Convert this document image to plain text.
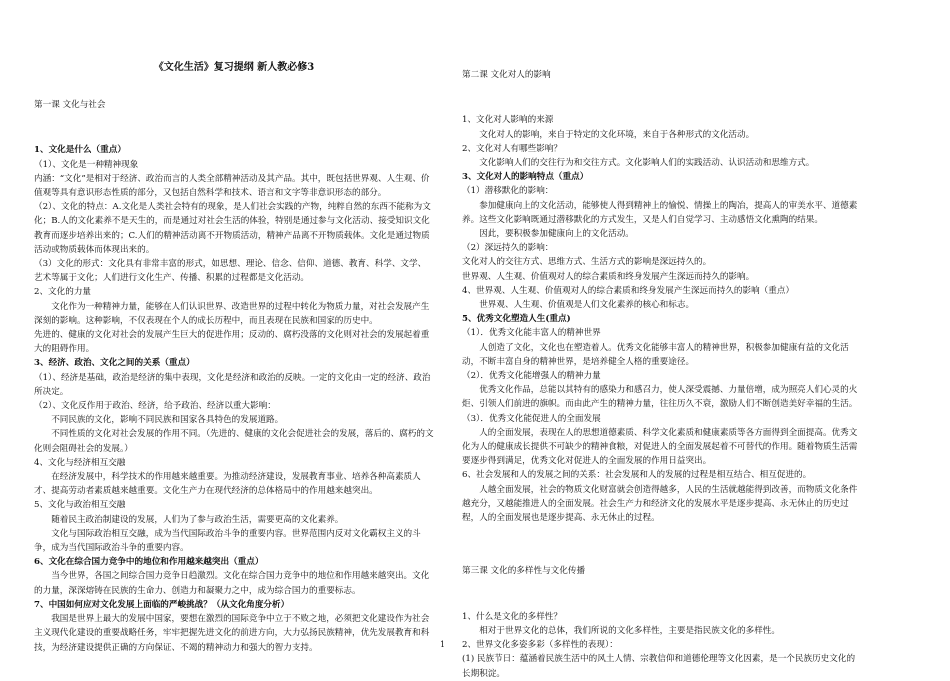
《文化生活》复习提纲 新人教必修3

第一课 文化与社会

1、文化是什么（重点）

（1）、文化是一种精神现象

内涵：“文化”是相对于经济、政治而言的人类全部精神活动及其产品。其中，既包括世界观、人生观、价值观等具有意识形态性质的部分，又包括自然科学和技术、语言和文字等非意识形态的部分。

（2）、文化的特点：A.文化是人类社会特有的现象，是人们社会实践的产物，纯粹自然的东西不能称为文化；B.人的文化素养不是天生的，而是通过对社会生活的体验，特别是通过参与文化活动、接受知识文化教育而逐步培养出来的；C.人们的精神活动离不开物质活动，精神产品离不开物质载体。文化是通过物质活动或物质载体而体现出来的。

（3）文化的形式：文化具有非常丰富的形式，如思想、理论、信念、信仰、道德、教育、科学、文学、艺术等属于文化；人们进行文化生产、传播、积累的过程都是文化活动。

2、文化的力量

文化作为一种精神力量，能够在人们认识世界、改造世界的过程中转化为物质力量，对社会发展产生深刻的影响。这种影响，不仅表现在个人的成长历程中，而且表现在民族和国家的历史中。

先进的、健康的文化对社会的发展产生巨大的促进作用；反动的、腐朽没落的文化则对社会的发展起着重大的阻碍作用。

3、经济、政治、文化之间的关系（重点）

（1）、经济是基础，政治是经济的集中表现，文化是经济和政治的反映。一定的文化由一定的经济、政治所决定。

（2）、文化反作用于政治、经济，给予政治、经济以重大影响：

不同民族的文化，影响不同民族和国家各具特色的发展道路。

不同性质的文化对社会发展的作用不同。（先进的、健康的文化会促进社会的发展，落后的、腐朽的文化则会阻碍社会的发展。）

4、文化与经济相互交融

在经济发展中，科学技术的作用越来越重要。为推动经济建设，发展教育事业、培养各种高素质人才、提高劳动者素质越来越重要。文化生产力在现代经济的总体格局中的作用越来越突出。

5、文化与政治相互交融

随着民主政治制建设的发展，人们为了参与政治生活，需要更高的文化素养。

文化与国际政治相互交融，成为当代国际政治斗争的重要内容。世界范围内反对文化霸权主义的斗争，成为当代国际政治斗争的重要内容。

6、文化在综合国力竞争中的地位和作用越来越突出（重点）

当今世界，各国之间综合国力竞争日趋激烈。文化在综合国力竞争中的地位和作用越来越突出。文化的力量，深深熔铸在民族的生命力、创造力和凝聚力之中，成为综合国力的重要标志。

7、中国如何应对文化发展上面临的严峻挑战？（从文化角度分析）

我国是世界上最大的发展中国家，要想在激烈的国际竞争中立于不败之地，必须把文化建设作为社会主义现代化建设的重要战略任务，牢牢把握先进文化的前进方向，大力弘扬民族精神，优先发展教育和科技，为经济建设提供正确的方向保证、不竭的精神动力和强大的智力支持。

第二课 文化对人的影响

1、文化对人影响的来源

文化对人的影响，来自于特定的文化环境，来自于各种形式的文化活动。

2、文化对人有哪些影响？

文化影响人们的交往行为和交往方式。文化影响人们的实践活动、认识活动和思维方式。

3、文化对人的影响特点（重点）

（1）潜移默化的影响：

参加健康向上的文化活动，能够使人得到精神上的愉悦、情操上的陶冶，提高人的审美水平、道德素养。这些文化影响既通过潜移默化的方式发生，又是人们自觉学习、主动感悟文化熏陶的结果。

因此，要积极参加健康向上的文化活动。

（2）深远持久的影响：

文化对人的交往方式、思维方式、生活方式的影响是深远持久的。

世界观、人生观、价值观对人的综合素质和终身发展产生深远而持久的影响。

4、世界观、人生观、价值观对人的综合素质和终身发展产生深远而持久的影响（重点）

世界观、人生观、价值观是人们文化素养的核心和标志。

5、优秀文化塑造人生(重点)

（1）．优秀文化能丰富人的精神世界

人创造了文化，文化也在塑造着人。优秀文化能够丰富人的精神世界，积极参加健康有益的文化活动，不断丰富自身的精神世界，是培养健全人格的重要途径。

（2）．优秀文化能增强人的精神力量

优秀文化作品，总能以其特有的感染力和感召力，使人深受震撼、力量倍增，成为照亮人们心灵的火炬、引领人们前进的旗帜。而由此产生的精神力量，往往历久不衰，激励人们不断创造美好幸福的生活。

（3）．优秀文化能促进人的全面发展

人的全面发展，表现在人的思想道德素质、科学文化素质和健康素质等各方面得到全面提高。优秀文化为人的健康成长提供不可缺少的精神食粮，对促进人的全面发展起着不可替代的作用。随着物质生活需要逐步得到满足，优秀文化对促进人的全面发展的作用日益突出。

6、社会发展和人的发展之间的关系：社会发展和人的发展的过程是相互结合、相互促进的。

人越全面发展，社会的物质文化财富就会创造得越多，人民的生活就越能得到改善，而物质文化条件越充分，又越能推进人的全面发展。社会生产力和经济文化的发展水平是逐步提高、永无休止的历史过程，人的全面发展也是逐步提高、永无休止的过程。

第三课 文化的多样性与文化传播

1、什么是文化的多样性？

相对于世界文化的总体，我们所说的文化多样性，主要是指民族文化的多样性。

2、世界文化多姿多彩（多样性的表现）：

(1) 民族节日：蕴涵着民族生活中的风土人情、宗教信仰和道德伦理等文化因素，是一个民族历史文化的长期积淀。

1
